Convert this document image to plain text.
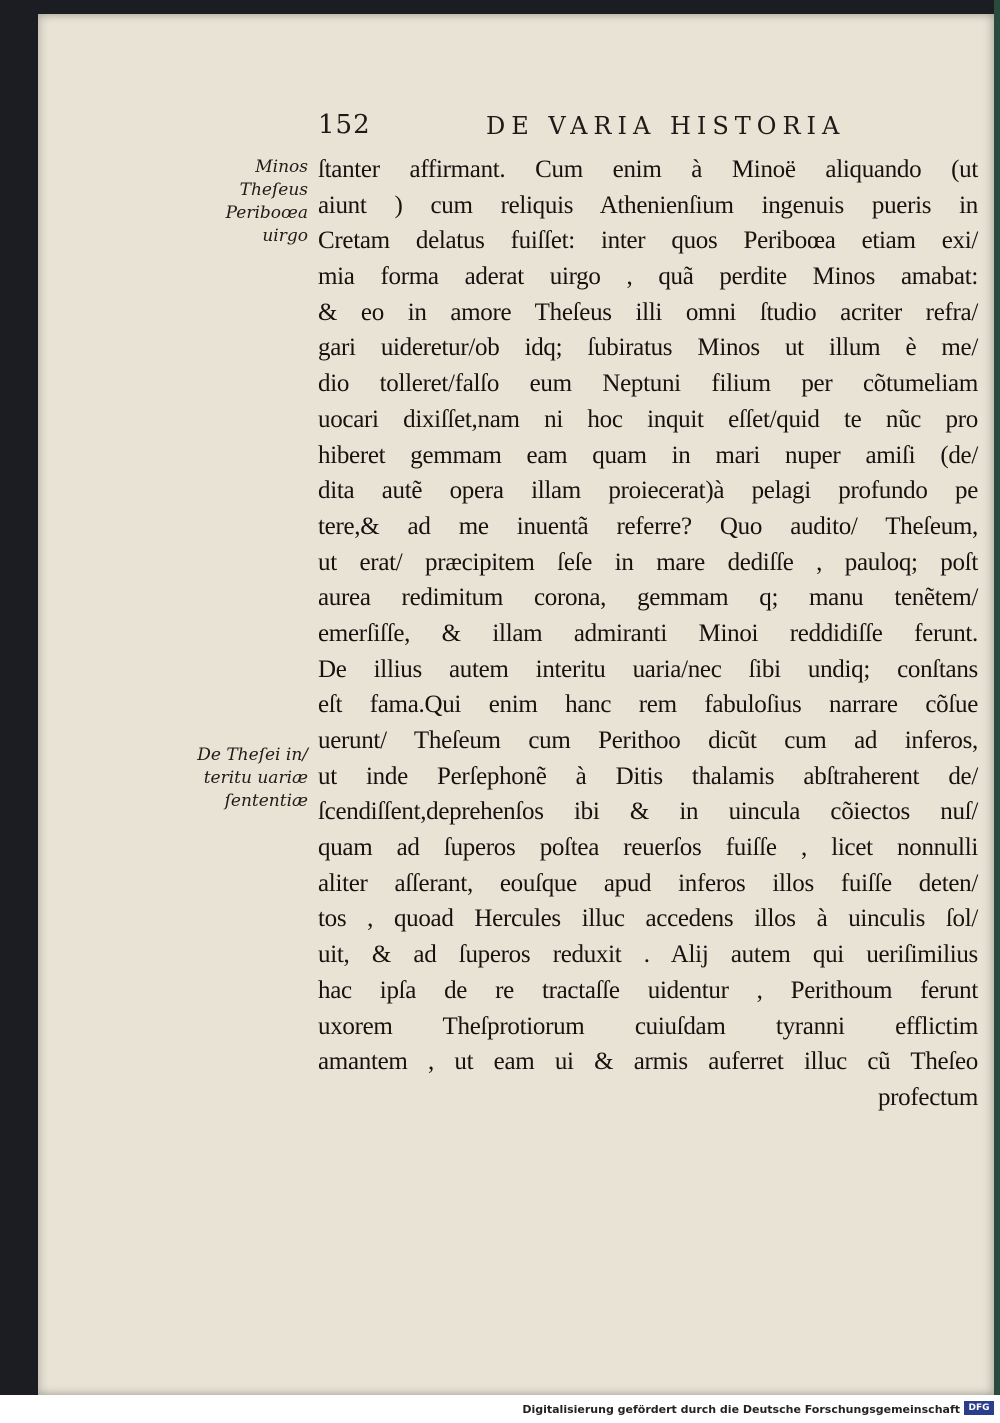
152	DE VARIA HISTORIA
Minos
Theſeus
Periboœa
uirgo
De Theſei in/
teritu uariæ
ſententiæ
ſtanter affirmant. Cum enim à Minoë aliquando (ut
aiunt ) cum reliquis Athenienſium ingenuis pueris in
Cretam delatus fuiſſet: inter quos Periboœa etiam exi/
mia forma aderat uirgo , quã perdite Minos amabat:
& eo in amore Theſeus illi omni ſtudio acriter refra/
gari uideretur/ob idq; ſubiratus Minos ut illum è me/
dio tolleret/falſo eum Neptuni filium per cõtumeliam
uocari dixiſſet,nam ni hoc inquit eſſet/quid te nũc pro
hiberet gemmam eam quam in mari nuper amiſi (de/
dita autẽ opera illam proiecerat)à pelagi profundo pe
tere,& ad me inuentã referre? Quo audito/ Theſeum,
ut erat/ præcipitem ſeſe in mare dediſſe , pauloq; poſt
aurea redimitum corona, gemmam q; manu tenẽtem/
emerſiſſe, & illam admiranti Minoi reddidiſſe ferunt.
De illius autem interitu uaria/nec ſibi undiq; conſtans
eſt fama.Qui enim hanc rem fabuloſius narrare cõſue
uerunt/ Theſeum cum Perithoo dicũt cum ad inferos,
ut inde Perſephonẽ à Ditis thalamis abſtraherent de/
ſcendiſſent,deprehenſos ibi & in uincula cõiectos nuſ/
quam ad ſuperos poſtea reuerſos fuiſſe , licet nonnulli
aliter aſſerant, eouſque apud inferos illos fuiſſe deten/
tos , quoad Hercules illuc accedens illos à uinculis ſol/
uit, & ad ſuperos reduxit . Alij autem qui ueriſimilius
hac ipſa de re tractaſſe uidentur , Perithoum ferunt
uxorem Theſprotiorum cuiuſdam tyranni efflictim
amantem , ut eam ui & armis auferret illuc cũ Theſeo
profectum
Digitalisierung gefördert durch die Deutsche Forschungsgemeinschaft DFG
